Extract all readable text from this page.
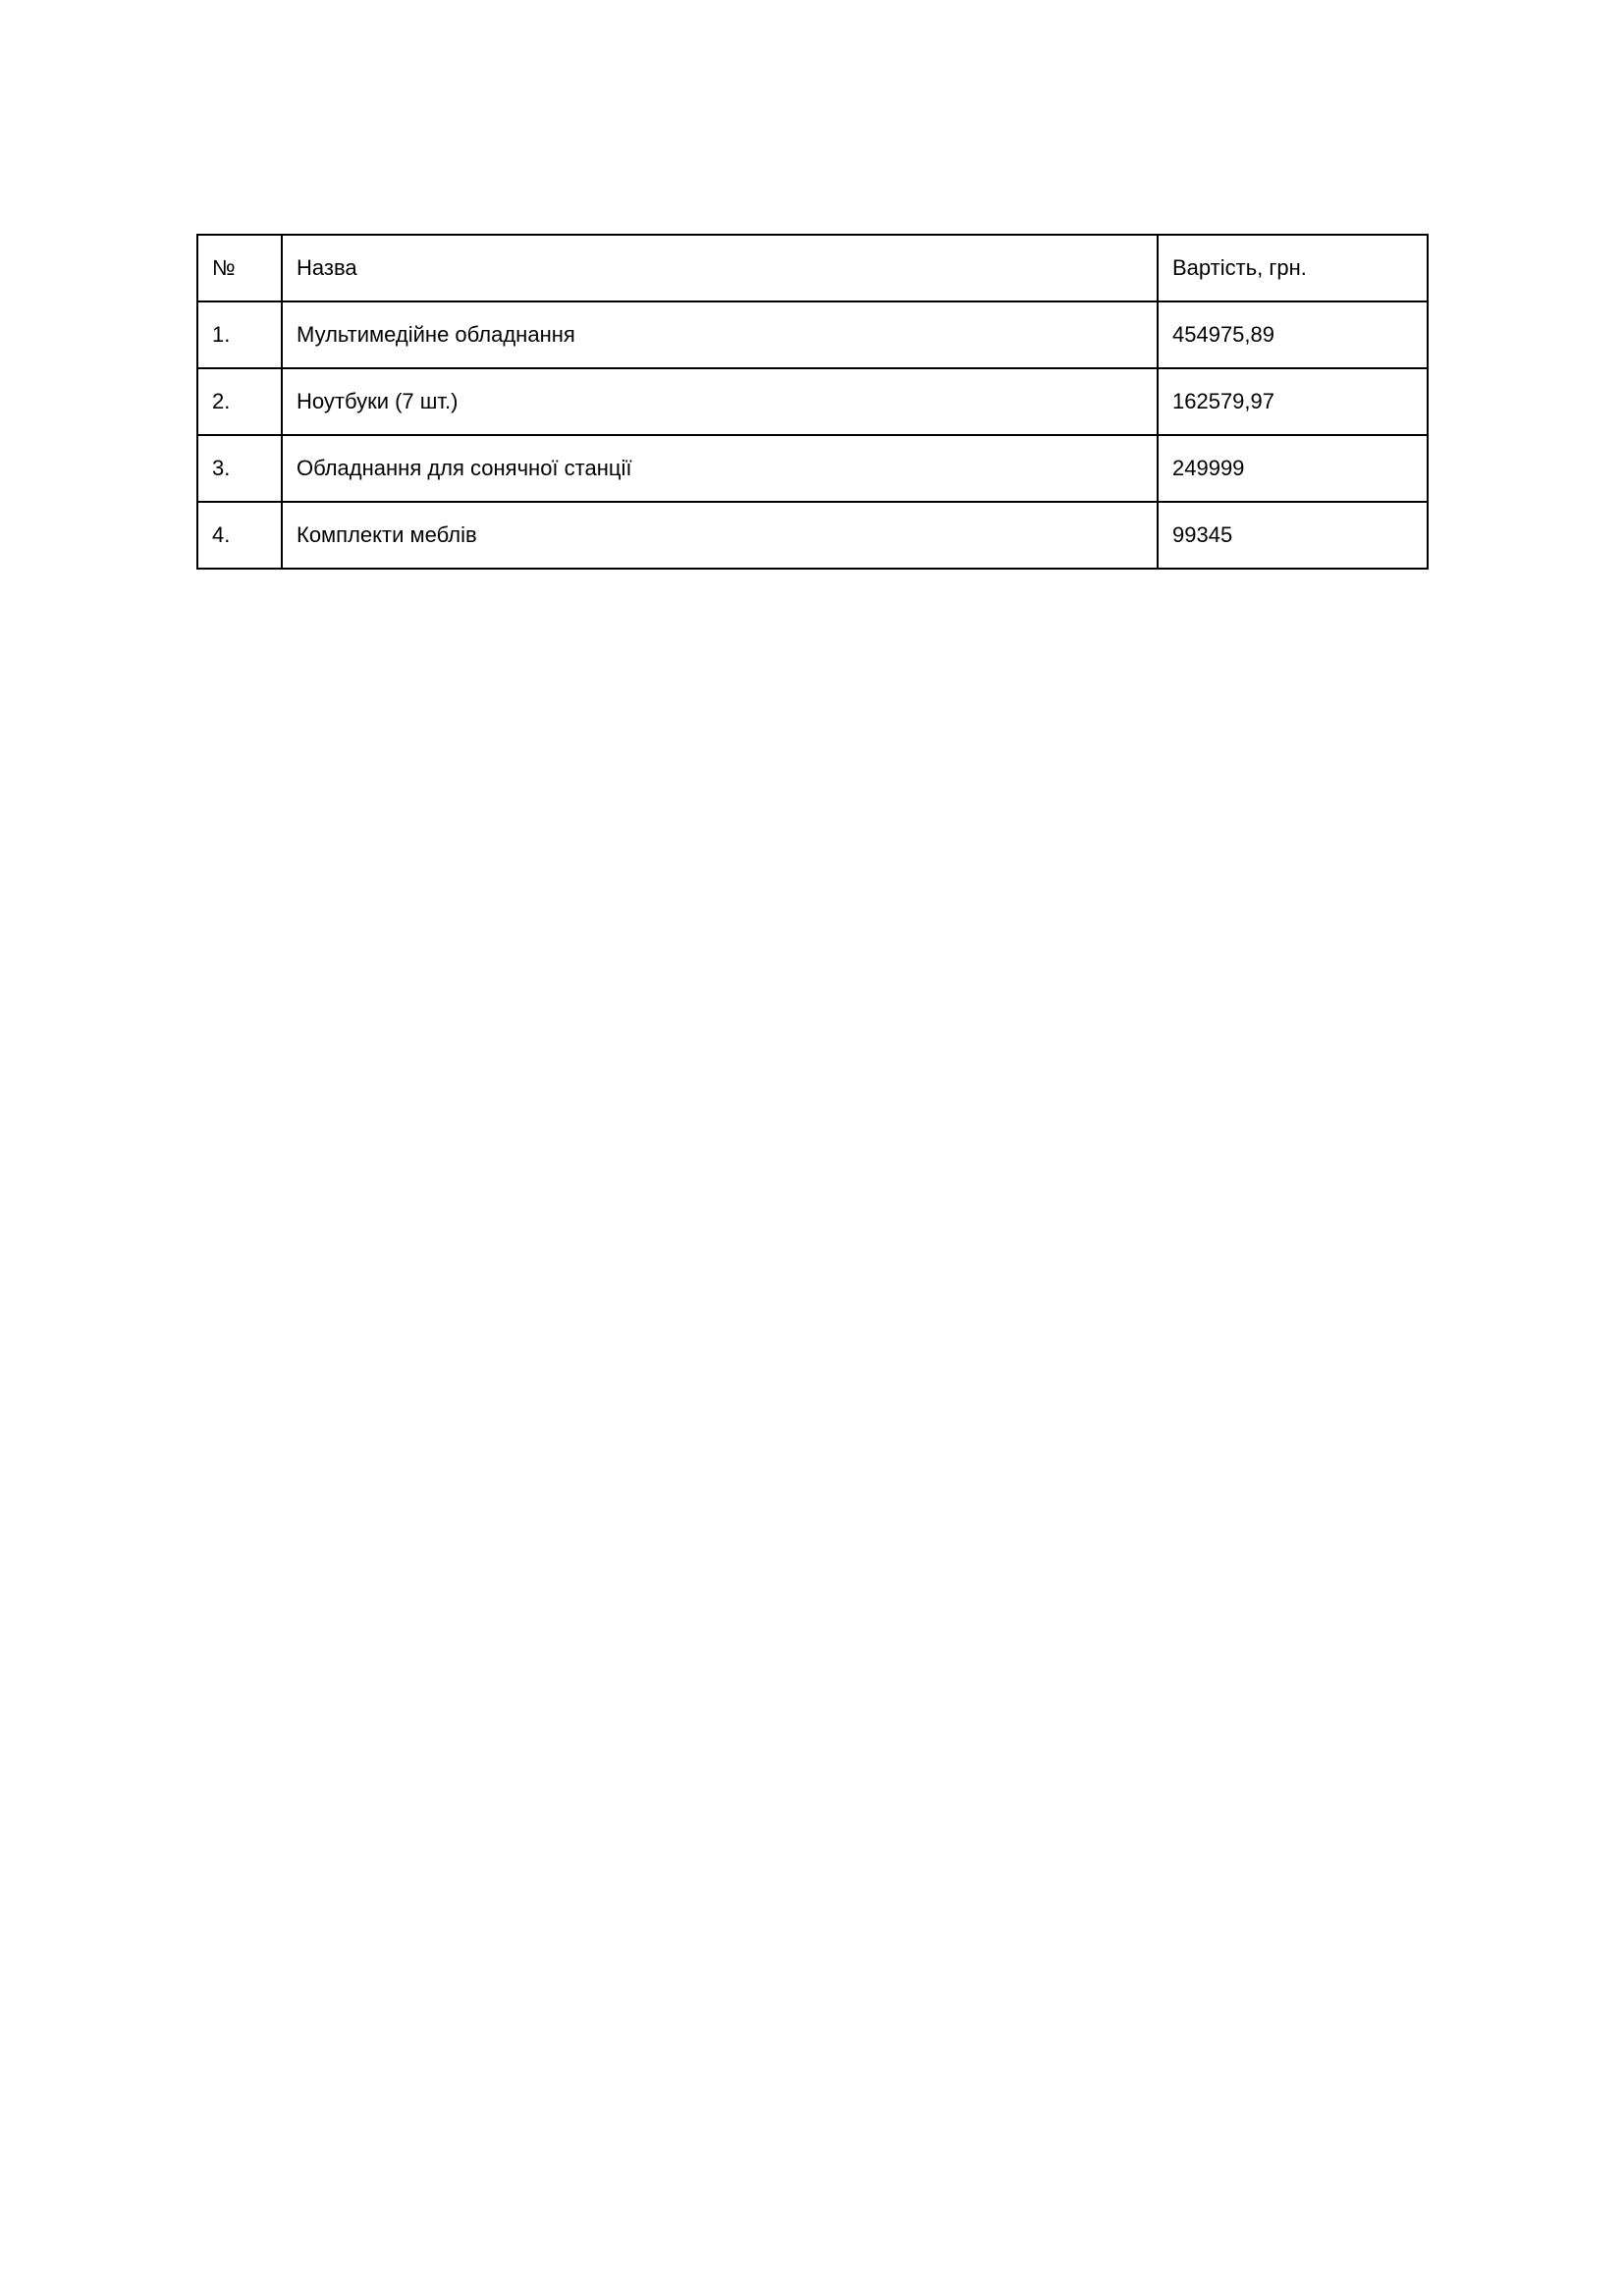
№	Назва	Вартість, грн.
1.	Мультимедійне обладнання	454975,89
2.	Ноутбуки (7 шт.)	162579,97
3.	Обладнання для сонячної станції	249999
4.	Комплекти меблів	99345
